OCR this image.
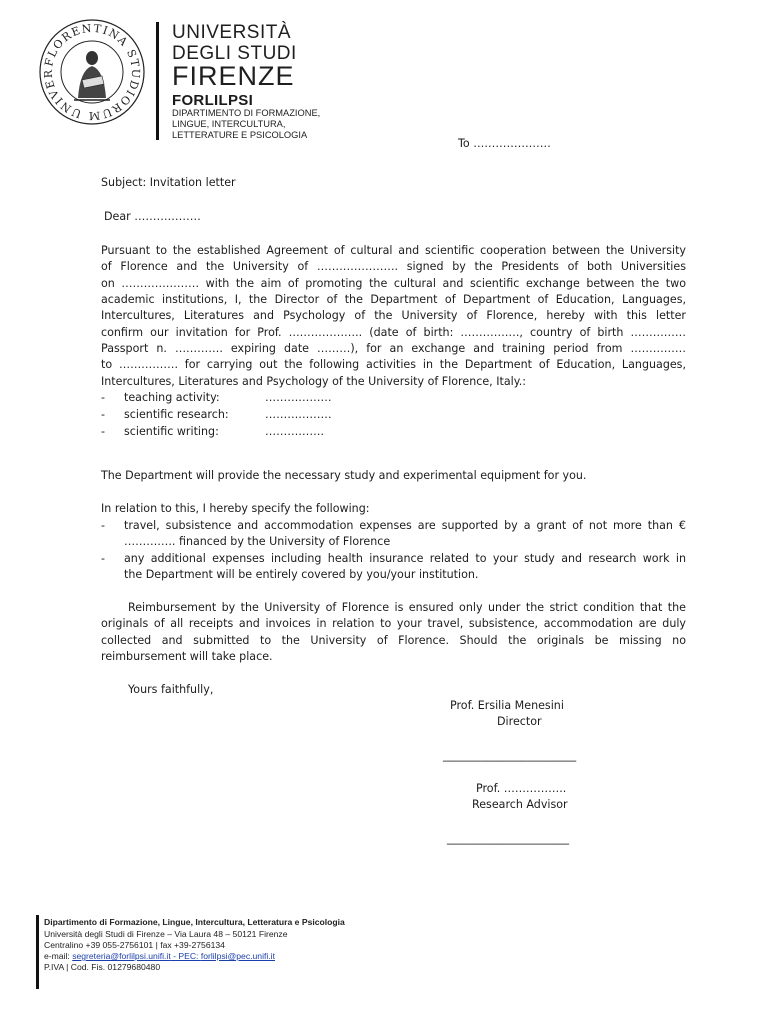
FLORENTINA STUDIORUM UNIVER
UNIVERSITÀ
DEGLI STUDI
FIRENZE
FORLILPSI
DIPARTIMENTO DI FORMAZIONE,
LINGUE, INTERCULTURA,
LETTERATURE E PSICOLOGIA
To …………………
Subject: Invitation letter
Dear ………………
Pursuant to the established Agreement of cultural and scientific cooperation between the University
of Florence and the University of …………………. signed by the Presidents of both Universities
on ………………… with the aim of promoting the cultural and scientific exchange between the two
academic institutions, I, the Director of the Department of Department of Education, Languages,
Intercultures, Literatures and Psychology of the University of Florence, hereby with this letter
confirm our invitation for Prof. ……………….. (date of birth: ……………., country of birth ……………
Passport n. …………. expiring date ………), for an exchange and training period from ……………
to ……………. for carrying out the following activities in the Department of Education, Languages,
Intercultures, Literatures and Psychology of the University of Florence, Italy.:
- teaching activity:	………………
- scientific research:	………………
- scientific writing:	…………….
The Department will provide the necessary study and experimental equipment for you.
In relation to this, I hereby specify the following:
- travel, subsistence and accommodation expenses are supported by a grant of not more than €
………….. financed by the University of Florence
- any additional expenses including health insurance related to your study and research work in
the Department will be entirely covered by you/your institution.
Reimbursement by the University of Florence is ensured only under the strict condition that the
originals of all receipts and invoices in relation to your travel, subsistence, accommodation are duly
collected and submitted to the University of Florence. Should the originals be missing no
reimbursement will take place.
Yours faithfully,
Prof. Ersilia Menesini
Director
________________________
Prof. ……………..
Research Advisor
______________________
Dipartimento di Formazione, Lingue, Intercultura, Letteratura e Psicologia
Università degli Studi di Firenze – Via Laura 48 – 50121 Firenze
Centralino +39 055-2756101 | fax +39-2756134
e-mail: segreteria@forlilpsi.unifi.it - PEC: forlilpsi@pec.unifi.it
P.IVA | Cod. Fis. 01279680480
